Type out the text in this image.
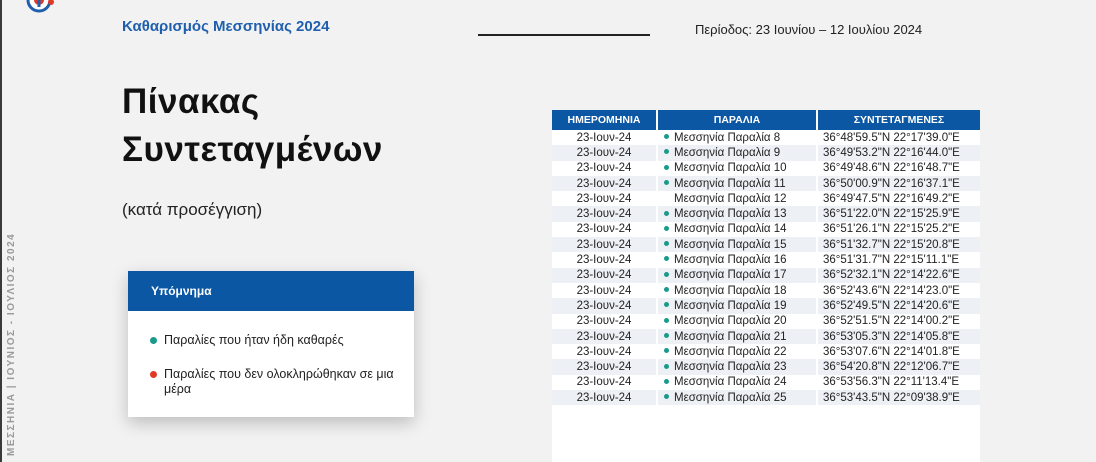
Καθαρισμός Μεσσηνίας 2024	Περίοδος: 23 Ιουνίου – 12 Ιουλίου 2024
Πίνακας
Συντεταγμένων
(κατά προσέγγιση)
ΜΕΣΣΗΝΙΑ | ΙΟΥΝΙΟΣ - ΙΟΥΛΙΟΣ 2024	Υπόμνημα
Παραλίες που ήταν ήδη καθαρές
Παραλίες που δεν ολοκληρώθηκαν σε μια μέρα
ΗΜΕΡΟΜΗΝΙΑ	ΠΑΡΑΛΙΑ	ΣΥΝΤΕΤΑΓΜΕΝΕΣ
23-Ιουν-24	Μεσσηνία Παραλία 8	36°48'59.5"N 22°17'39.0"E
23-Ιουν-24	Μεσσηνία Παραλία 9	36°49'53.2"N 22°16'44.0"E
23-Ιουν-24	Μεσσηνία Παραλία 10	36°49'48.6"N 22°16'48.7"E
23-Ιουν-24	Μεσσηνία Παραλία 11	36°50'00.9"N 22°16'37.1"E
23-Ιουν-24	Μεσσηνία Παραλία 12	36°49'47.5"N 22°16'49.2"E
23-Ιουν-24	Μεσσηνία Παραλία 13	36°51'22.0"N 22°15'25.9"E
23-Ιουν-24	Μεσσηνία Παραλία 14	36°51'26.1"N 22°15'25.2"E
23-Ιουν-24	Μεσσηνία Παραλία 15	36°51'32.7"N 22°15'20.8"E
23-Ιουν-24	Μεσσηνία Παραλία 16	36°51'31.7"N 22°15'11.1"E
23-Ιουν-24	Μεσσηνία Παραλία 17	36°52'32.1"N 22°14'22.6"E
23-Ιουν-24	Μεσσηνία Παραλία 18	36°52'43.6"N 22°14'23.0"E
23-Ιουν-24	Μεσσηνία Παραλία 19	36°52'49.5"N 22°14'20.6"E
23-Ιουν-24	Μεσσηνία Παραλία 20	36°52'51.5"N 22°14'00.2"E
23-Ιουν-24	Μεσσηνία Παραλία 21	36°53'05.3"N 22°14'05.8"E
23-Ιουν-24	Μεσσηνία Παραλία 22	36°53'07.6"N 22°14'01.8"E
23-Ιουν-24	Μεσσηνία Παραλία 23	36°54'20.8"N 22°12'06.7"E
23-Ιουν-24	Μεσσηνία Παραλία 24	36°53'56.3"N 22°11'13.4"E
23-Ιουν-24	Μεσσηνία Παραλία 25	36°53'43.5"N 22°09'38.9"E
